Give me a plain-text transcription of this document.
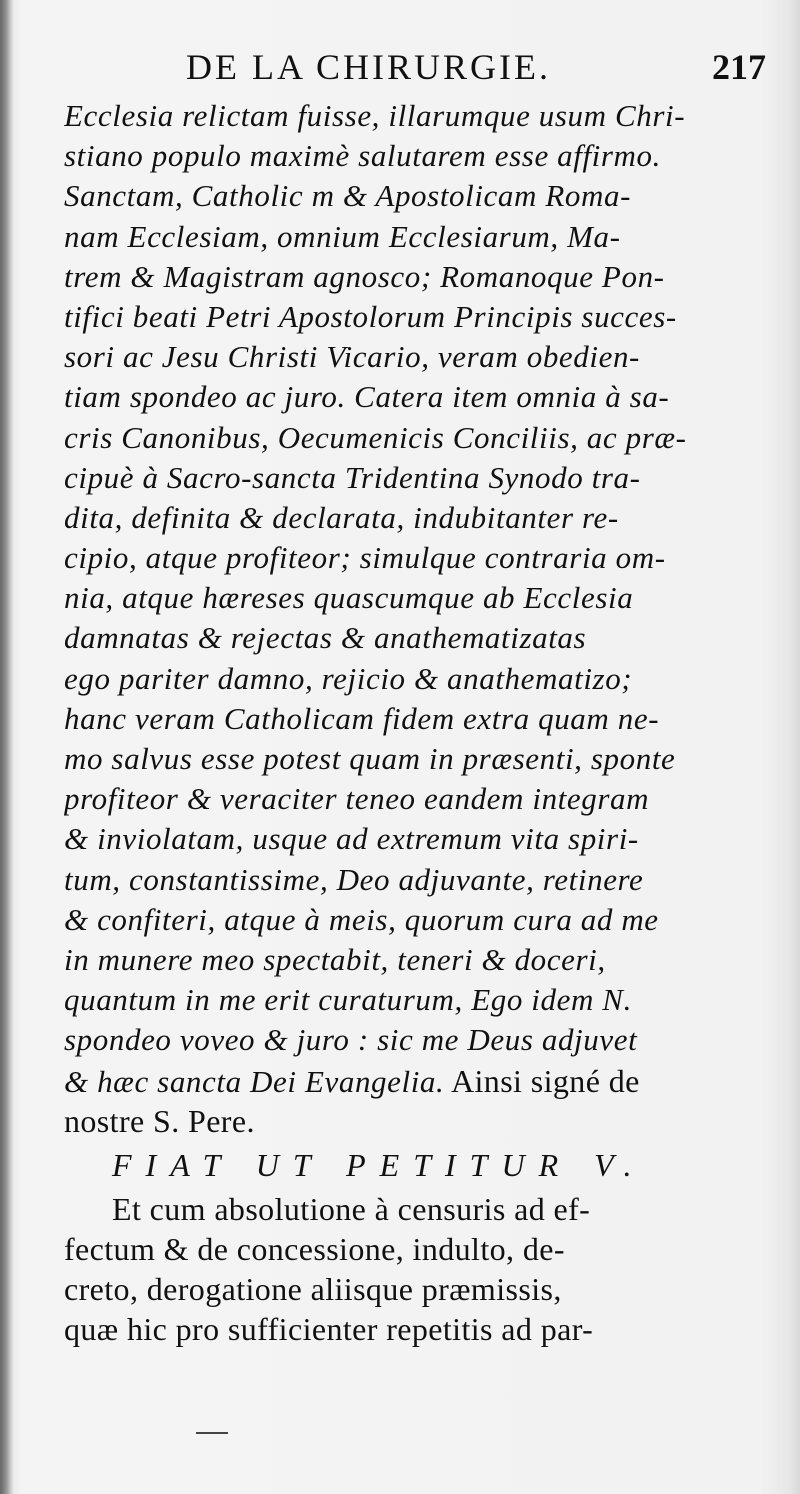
DE LA CHIRURGIE.	217
Ecclesia relictam fuisse, illarumque usum Chri-
stiano populo maximè salutarem esse affirmo.
Sanctam, Catholic m & Apostolicam Roma-
nam Ecclesiam, omnium Ecclesiarum, Ma-
trem & Magistram agnosco; Romanoque Pon-
tifici beati Petri Apostolorum Principis succes-
sori ac Jesu Christi Vicario, veram obedien-
tiam spondeo ac juro. Catera item omnia à sa-
cris Canonibus, Oecumenicis Conciliis, ac præ-
cipuè à Sacro-sancta Tridentina Synodo tra-
dita, definita & declarata, indubitanter re-
cipio, atque profiteor; simulque contraria om-
nia, atque hæreses quascumque ab Ecclesia
damnatas & rejectas & anathematizatas
ego pariter damno, rejicio & anathematizo;
hanc veram Catholicam fidem extra quam ne-
mo salvus esse potest quam in præsenti, sponte
profiteor & veraciter teneo eandem integram
& inviolatam, usque ad extremum vita spiri-
tum, constantissime, Deo adjuvante, retinere
& confiteri, atque à meis, quorum cura ad me
in munere meo spectabit, teneri & doceri,
quantum in me erit curaturum, Ego idem N.
spondeo voveo & juro : sic me Deus adjuvet
& hæc sancta Dei Evangelia. Ainsi signé de
nostre S. Pere.
FIAT UT PETITUR V.
Et cum absolutione à censuris ad ef-
fectum & de concessione, indulto, de-
creto, derogatione aliisque præmissis,
quæ hic pro sufficienter repetitis ad par-
